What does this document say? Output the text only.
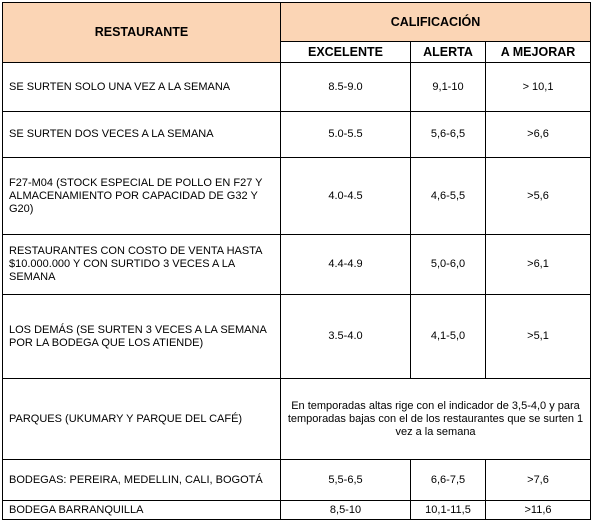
RESTAURANTE	CALIFICACIÓN		
	EXCELENTE	ALERTA	A MEJORAR
SE SURTEN SOLO UNA VEZ A LA SEMANA	8.5-9.0	9,1-10	> 10,1
SE SURTEN DOS VECES A LA SEMANA	5.0-5.5	5,6-6,5	>6,6
F27-M04 (STOCK ESPECIAL DE POLLO EN F27 Y ALMACENAMIENTO POR CAPACIDAD DE G32 Y G20)	4.0-4.5	4,6-5,5	>5,6
RESTAURANTES CON COSTO DE VENTA HASTA $10.000.000 Y CON SURTIDO 3 VECES A LA SEMANA	4.4-4.9	5,0-6,0	>6,1
LOS DEMÁS (SE SURTEN 3 VECES A LA SEMANA POR LA BODEGA QUE LOS ATIENDE)	3.5-4.0	4,1-5,0	>5,1
PARQUES (UKUMARY Y PARQUE DEL CAFÉ)	En temporadas altas rige con el indicador de 3,5-4,0 y para temporadas bajas con el de los restaurantes que se surten 1 vez a la semana		
BODEGAS: PEREIRA, MEDELLIN, CALI, BOGOTÁ	5,5-6,5	6,6-7,5	>7,6
BODEGA BARRANQUILLA	8,5-10	10,1-11,5	>11,6
